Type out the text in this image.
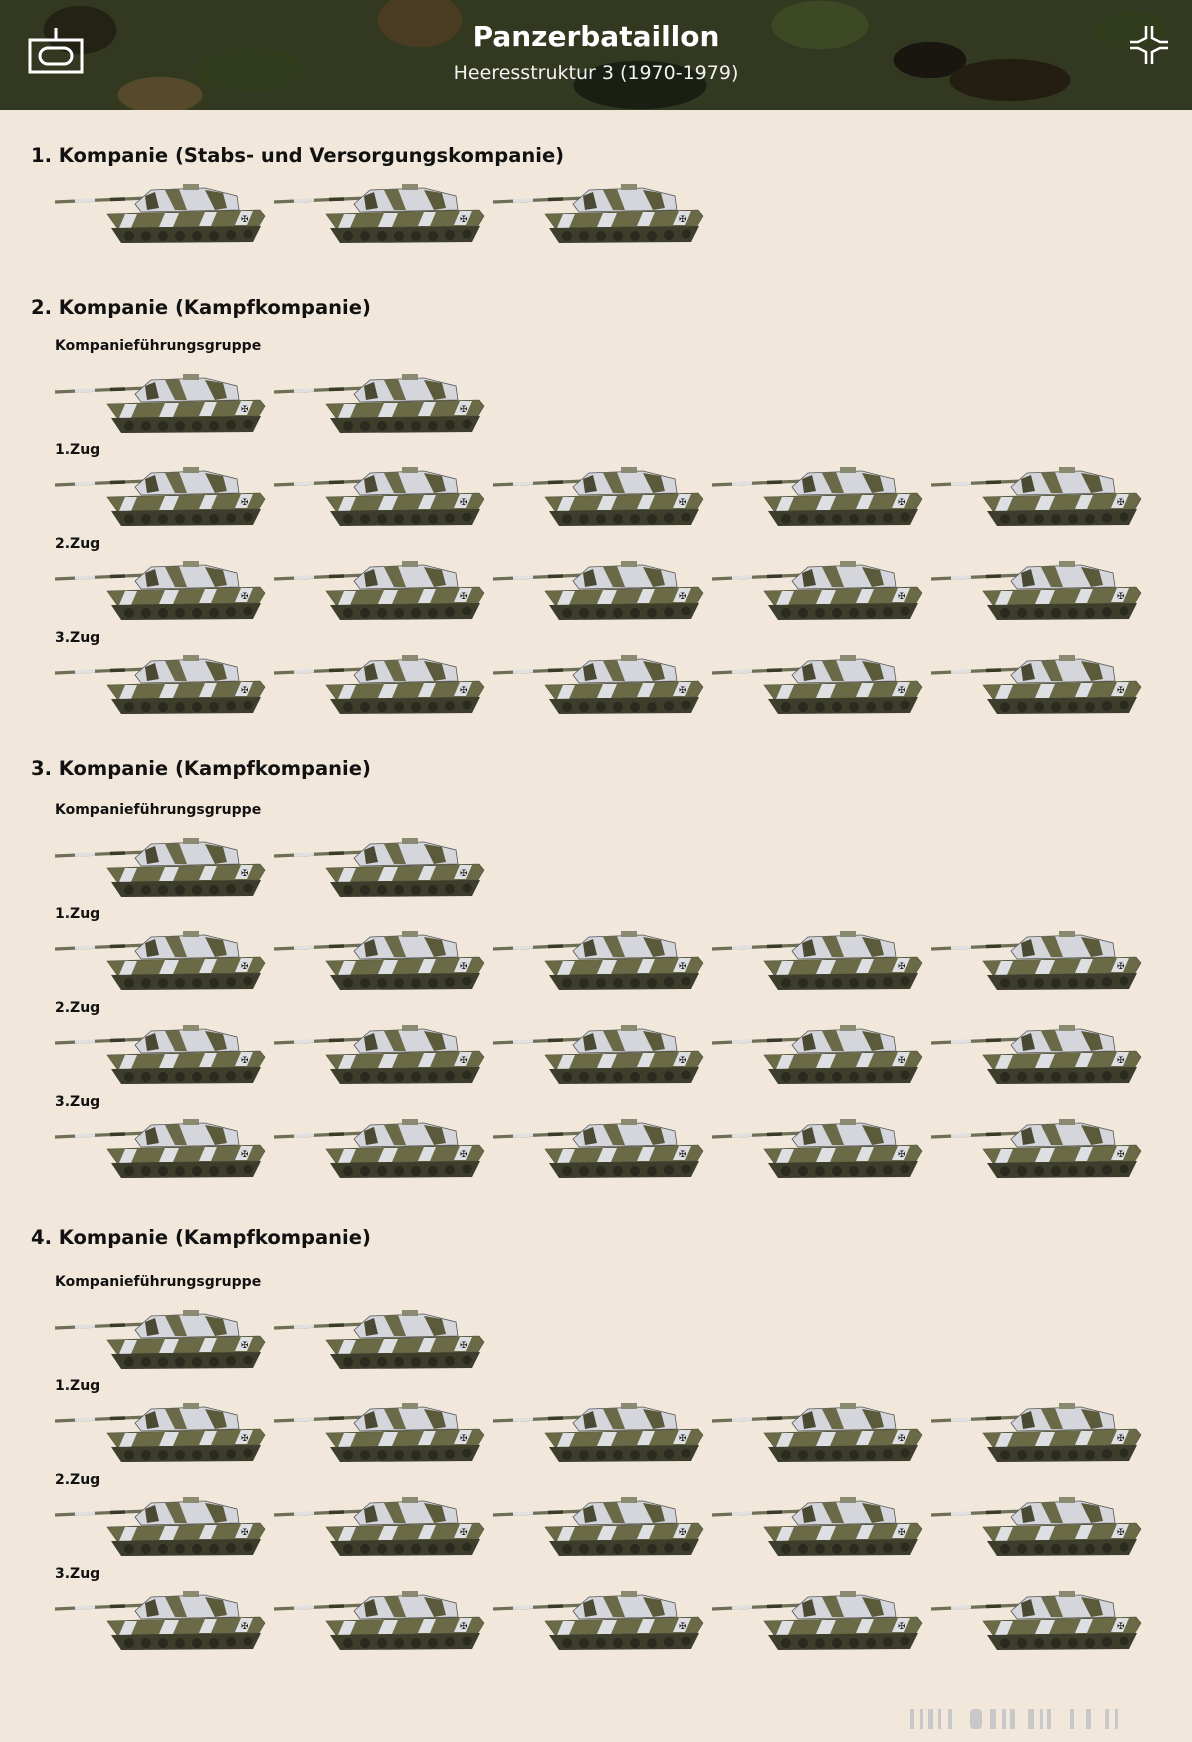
Panzerbataillon
Heeresstruktur 3 (1970-1979)
1. Kompanie (Stabs- und Versorgungskompanie)
✠	✠	✠
2. Kompanie (Kampfkompanie)
Kompanieführungsgruppe
✠	✠
1.Zug
✠	✠	✠	✠	✠
2.Zug
✠	✠	✠	✠	✠
3.Zug
✠	✠	✠	✠	✠
3. Kompanie (Kampfkompanie)
Kompanieführungsgruppe
✠	✠
1.Zug
✠	✠	✠	✠	✠
2.Zug
✠	✠	✠	✠	✠
3.Zug
✠	✠	✠	✠	✠
4. Kompanie (Kampfkompanie)
Kompanieführungsgruppe
✠	✠
1.Zug
✠	✠	✠	✠	✠
2.Zug
✠	✠	✠	✠	✠
3.Zug
✠	✠	✠	✠	✠
